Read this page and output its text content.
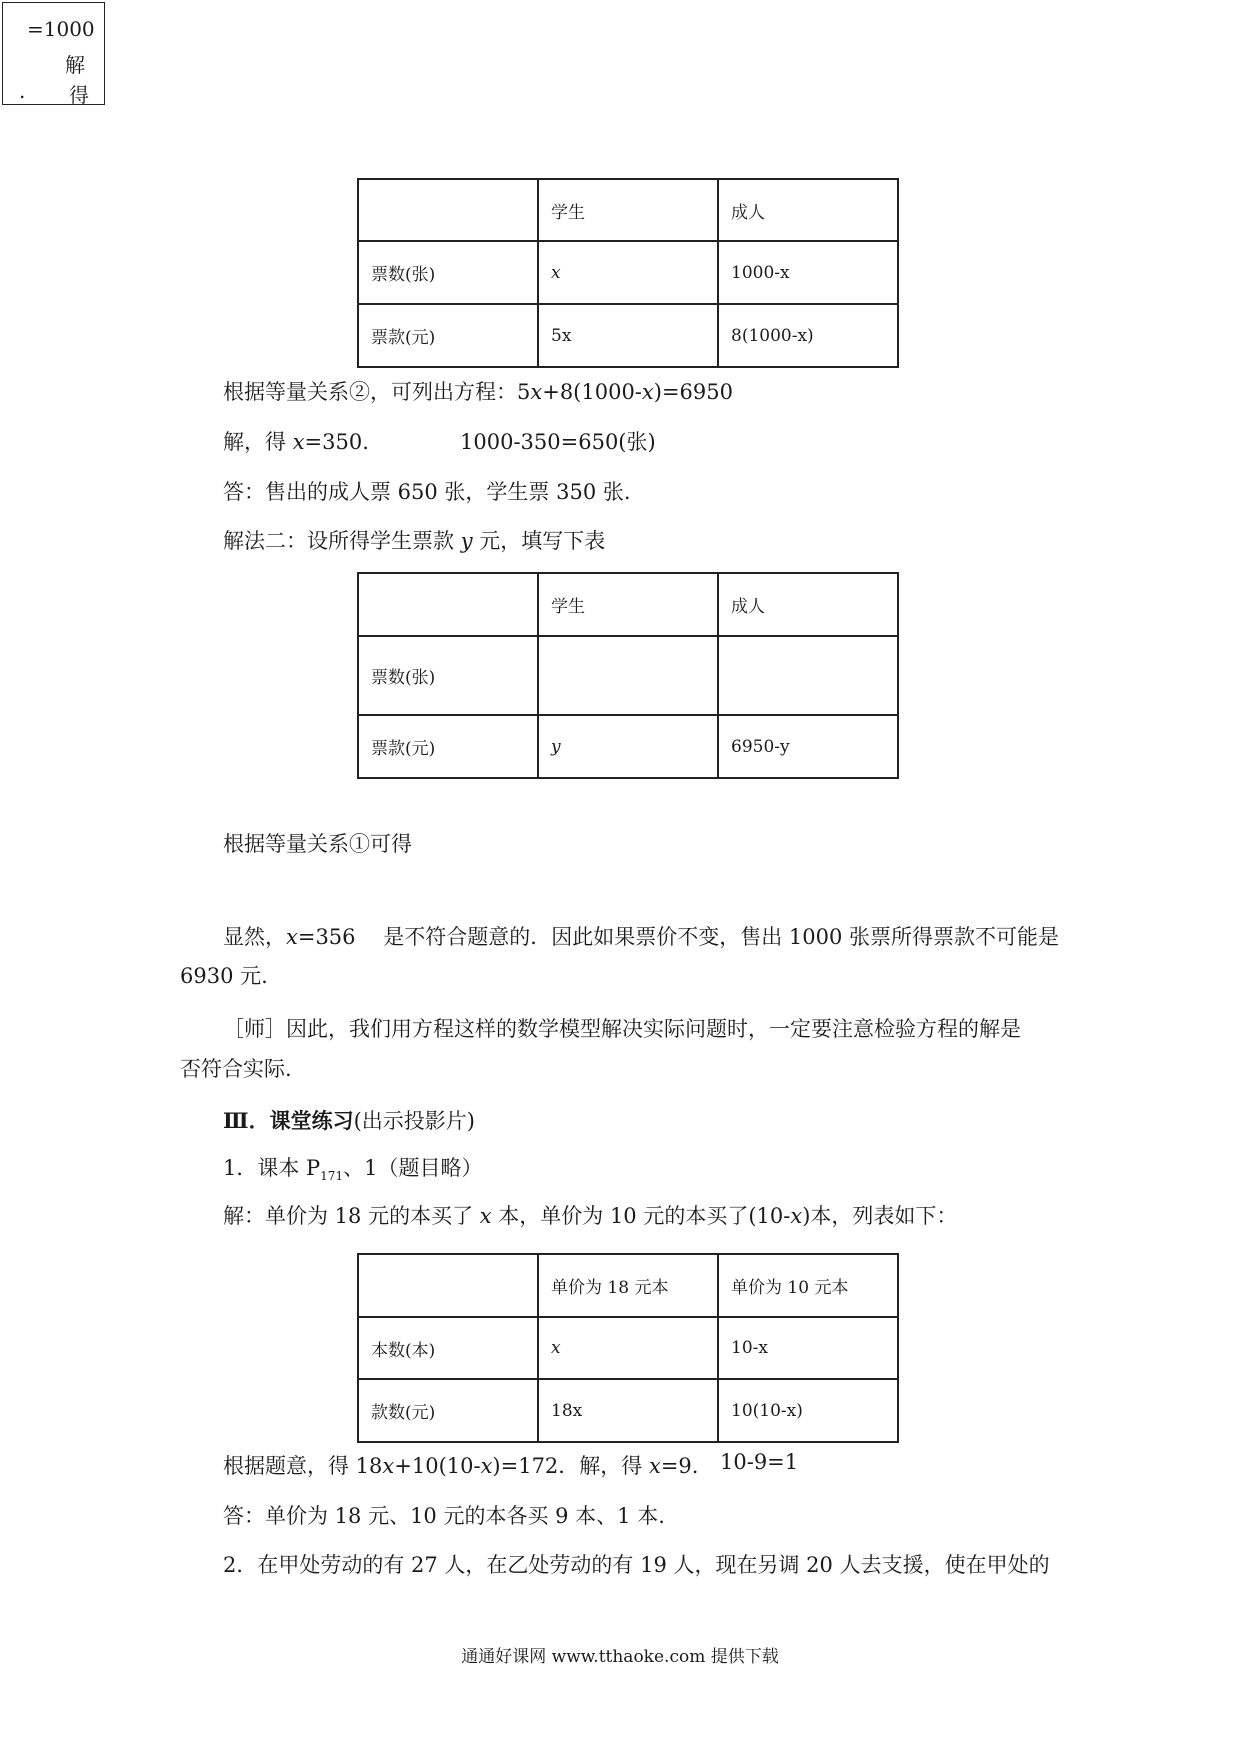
=1000
解
. 得
	学生	成人
票数(张)	x	1000-x
票款(元)	5x	8(1000-x)
根据等量关系②，可列出方程：5x+8(1000-x)=6950
解，得 x=350.	1000-350=650(张)
答：售出的成人票 650 张，学生票 350 张.
解法二：设所得学生票款 y 元，填写下表
	学生	成人
票数(张)		
票款(元)	y	6950-y
根据等量关系①可得
显然，x=356　 是不符合题意的．因此如果票价不变，售出 1000 张票所得票款不可能是
6930 元.
［师］因此，我们用方程这样的数学模型解决实际问题时，一定要注意检验方程的解是
否符合实际.
Ⅲ．课堂练习(出示投影片)
1．课本 $P_{171}$、1（题目略）
解：单价为 18 元的本买了 x 本，单价为 10 元的本买了(10-x)本，列表如下：
	单价为 18 元本	单价为 10 元本
本数(本)	x	10-x
款数(元)	18x	10(10-x)
根据题意，得 18x+10(10-x)=172．解，得 x=9. 10-9=1
答：单价为 18 元、10 元的本各买 9 本、1 本.
2．在甲处劳动的有 27 人，在乙处劳动的有 19 人，现在另调 20 人去支援，使在甲处的
通通好课网 www.tthaoke.com 提供下载
